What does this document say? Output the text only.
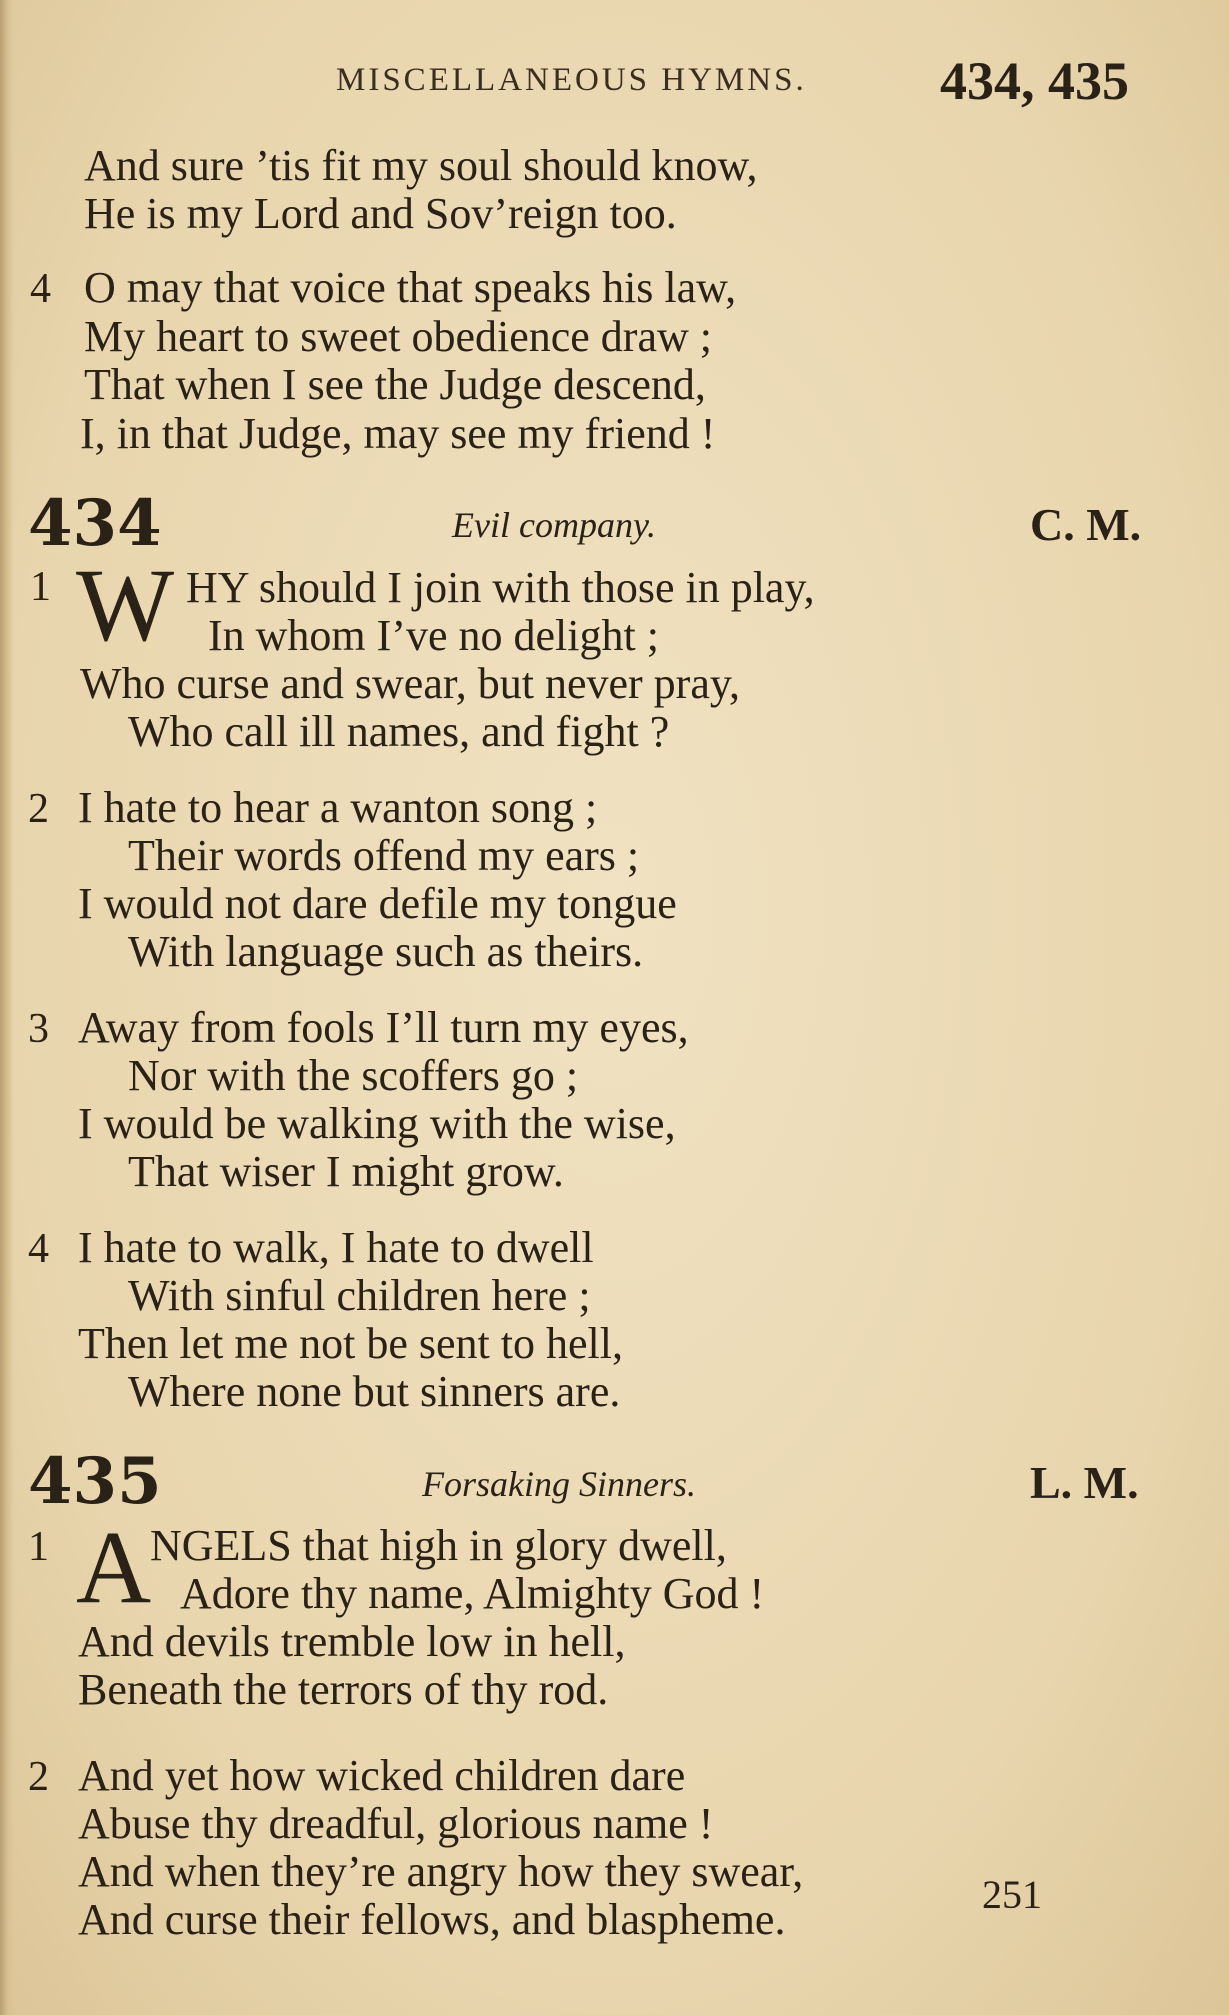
MISCELLANEOUS HYMNS. 434, 435
And sure ’tis fit my soul should know,
He is my Lord and Sov’reign too.
4 O may that voice that speaks his law,
My heart to sweet obedience draw ;
That when I see the Judge descend,
I, in that Judge, may see my friend !
434	Evil company.	C. M.
1 W HY should I join with those in play,
In whom I’ve no delight ;
Who curse and swear, but never pray,
Who call ill names, and fight ?
2 I hate to hear a wanton song ;
Their words offend my ears ;
I would not dare defile my tongue
With language such as theirs.
3 Away from fools I’ll turn my eyes,
Nor with the scoffers go ;
I would be walking with the wise,
That wiser I might grow.
4 I hate to walk, I hate to dwell
With sinful children here ;
Then let me not be sent to hell,
Where none but sinners are.
435	Forsaking Sinners.	L. M.
1 A
NGELS that high in glory dwell,
Adore thy name, Almighty God !
And devils tremble low in hell,
Beneath the terrors of thy rod.
2 And yet how wicked children dare
Abuse thy dreadful, glorious name !
And when they’re angry how they swear,
And curse their fellows, and blaspheme.
251
